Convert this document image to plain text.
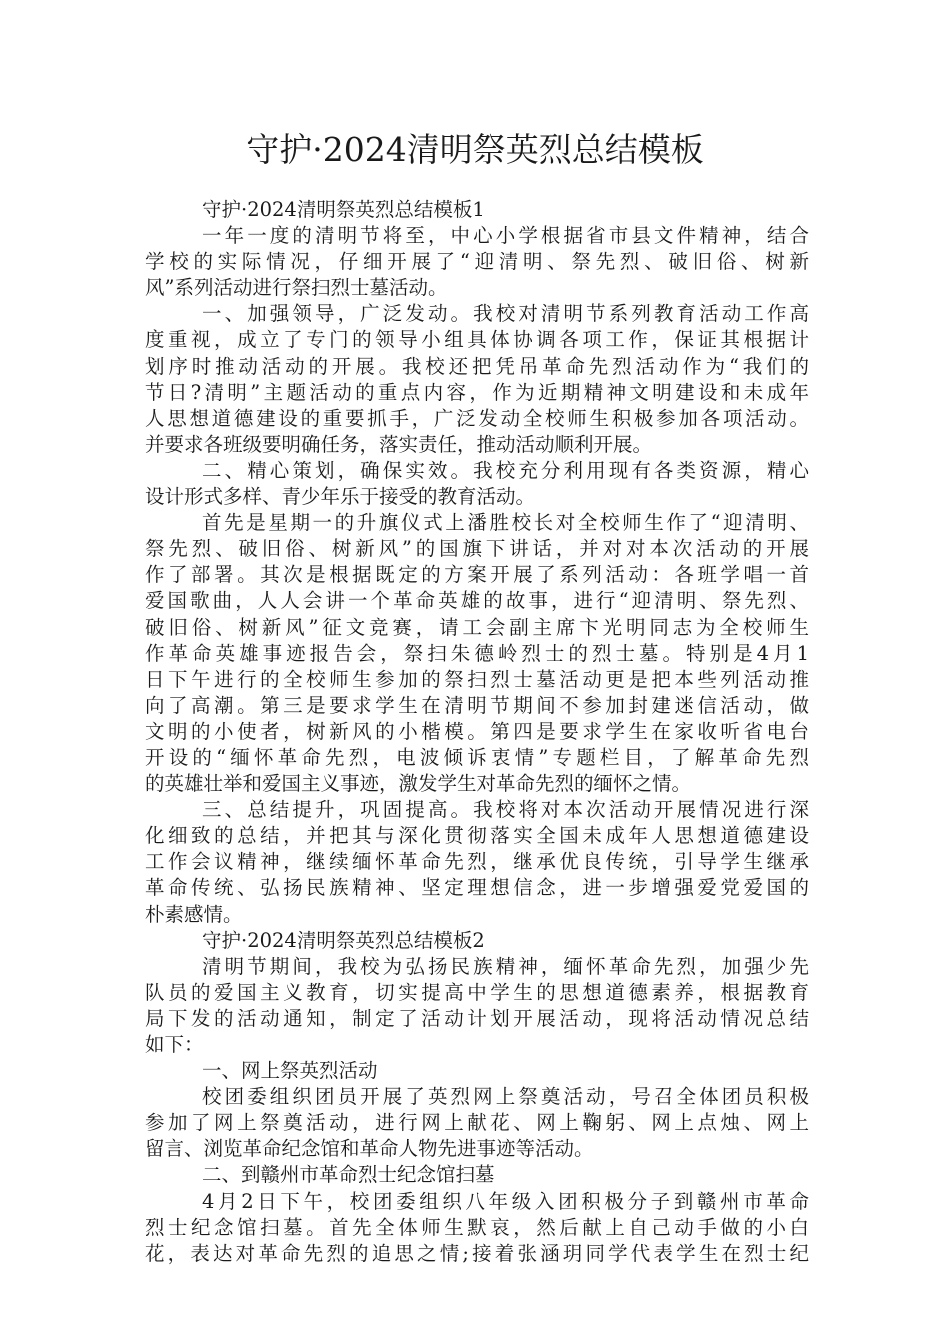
守护·2024清明祭英烈总结模板
守护·2024清明祭英烈总结模板1
一年一度的清明节将至，中心小学根据省市县文件精神，结合
学校的实际情况，仔细开展了“迎清明、祭先烈、破旧俗、树新
风”系列活动进行祭扫烈士墓活动。
一、加强领导，广泛发动。我校对清明节系列教育活动工作高
度重视，成立了专门的领导小组具体协调各项工作，保证其根据计
划序时推动活动的开展。我校还把凭吊革命先烈活动作为“我们的
节日?清明”主题活动的重点内容，作为近期精神文明建设和未成年
人思想道德建设的重要抓手，广泛发动全校师生积极参加各项活动。
并要求各班级要明确任务，落实责任，推动活动顺利开展。
二、精心策划，确保实效。我校充分利用现有各类资源，精心
设计形式多样、青少年乐于接受的教育活动。
首先是星期一的升旗仪式上潘胜校长对全校师生作了“迎清明、
祭先烈、破旧俗、树新风”的国旗下讲话，并对对本次活动的开展
作了部署。其次是根据既定的方案开展了系列活动：各班学唱一首
爱国歌曲，人人会讲一个革命英雄的故事，进行“迎清明、祭先烈、
破旧俗、树新风”征文竞赛，请工会副主席卞光明同志为全校师生
作革命英雄事迹报告会，祭扫朱德岭烈士的烈士墓。特别是4月1
日下午进行的全校师生参加的祭扫烈士墓活动更是把本些列活动推
向了高潮。第三是要求学生在清明节期间不参加封建迷信活动，做
文明的小使者，树新风的小楷模。第四是要求学生在家收听省电台
开设的“缅怀革命先烈，电波倾诉衷情”专题栏目，了解革命先烈
的英雄壮举和爱国主义事迹，激发学生对革命先烈的缅怀之情。
三、总结提升，巩固提高。我校将对本次活动开展情况进行深
化细致的总结，并把其与深化贯彻落实全国未成年人思想道德建设
工作会议精神，继续缅怀革命先烈，继承优良传统，引导学生继承
革命传统、弘扬民族精神、坚定理想信念，进一步增强爱党爱国的
朴素感情。
守护·2024清明祭英烈总结模板2
清明节期间，我校为弘扬民族精神，缅怀革命先烈，加强少先
队员的爱国主义教育，切实提高中学生的思想道德素养，根据教育
局下发的活动通知，制定了活动计划开展活动，现将活动情况总结
如下：
一、网上祭英烈活动
校团委组织团员开展了英烈网上祭奠活动，号召全体团员积极
参加了网上祭奠活动，进行网上献花、网上鞠躬、网上点烛、网上
留言、浏览革命纪念馆和革命人物先进事迹等活动。
二、到赣州市革命烈士纪念馆扫墓
4月2日下午，校团委组织八年级入团积极分子到赣州市革命
烈士纪念馆扫墓。首先全体师生默哀，然后献上自己动手做的小白
花，表达对革命先烈的追思之情;接着张涵玥同学代表学生在烈士纪
